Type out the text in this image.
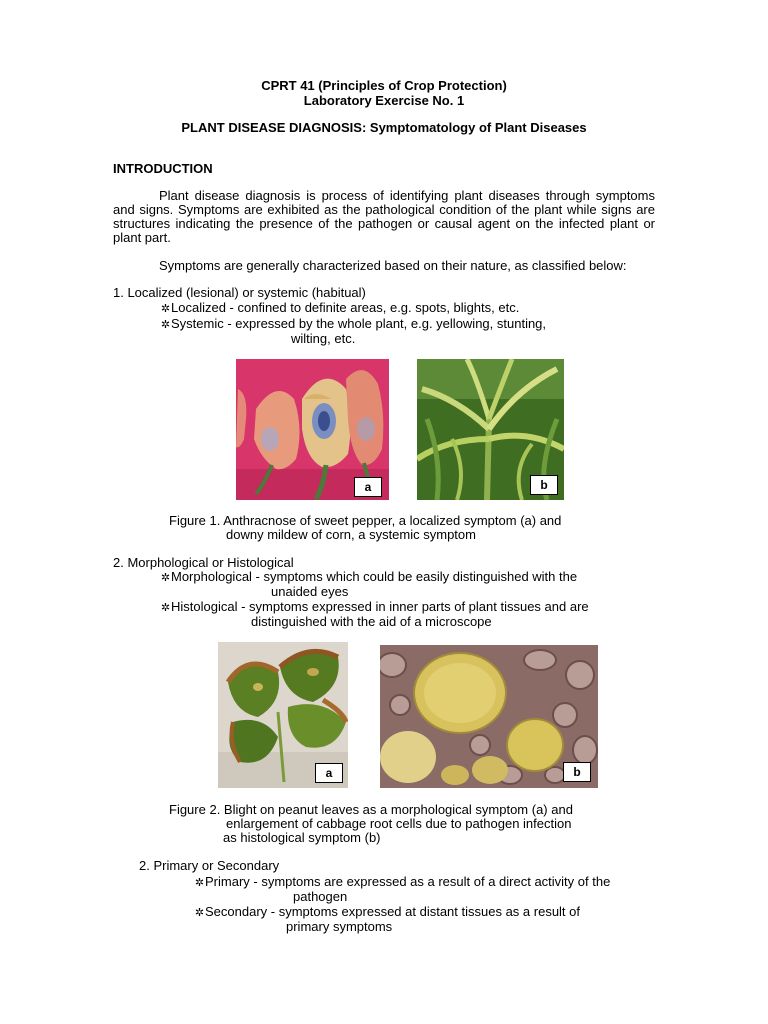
CPRT 41 (Principles of Crop Protection)
Laboratory Exercise No. 1
PLANT DISEASE DIAGNOSIS: Symptomatology of Plant Diseases
INTRODUCTION
Plant disease diagnosis is process of identifying plant diseases through symptoms and signs. Symptoms are exhibited as the pathological condition of the plant while signs are structures indicating the presence of the pathogen or causal agent on the infected plant or plant part.
Symptoms are generally characterized based on their nature, as classified below:
1. Localized (lesional) or systemic (habitual)
✲Localized - confined to definite areas, e.g. spots, blights, etc.
✲Systemic - expressed by the whole plant, e.g. yellowing, stunting,
wilting, etc.
a	b
Figure 1. Anthracnose of sweet pepper, a localized symptom (a) and
downy mildew of corn, a systemic symptom
2. Morphological or Histological
✲Morphological - symptoms which could be easily distinguished with the
unaided eyes
✲Histological - symptoms expressed in inner parts of plant tissues and are
distinguished with the aid of a microscope
a	b
Figure 2. Blight on peanut leaves as a morphological symptom (a) and
enlargement of cabbage root cells due to pathogen infection
as histological symptom (b)
2. Primary or Secondary
✲Primary - symptoms are expressed as a result of a direct activity of the
pathogen
✲Secondary - symptoms expressed at distant tissues as a result of
primary symptoms
